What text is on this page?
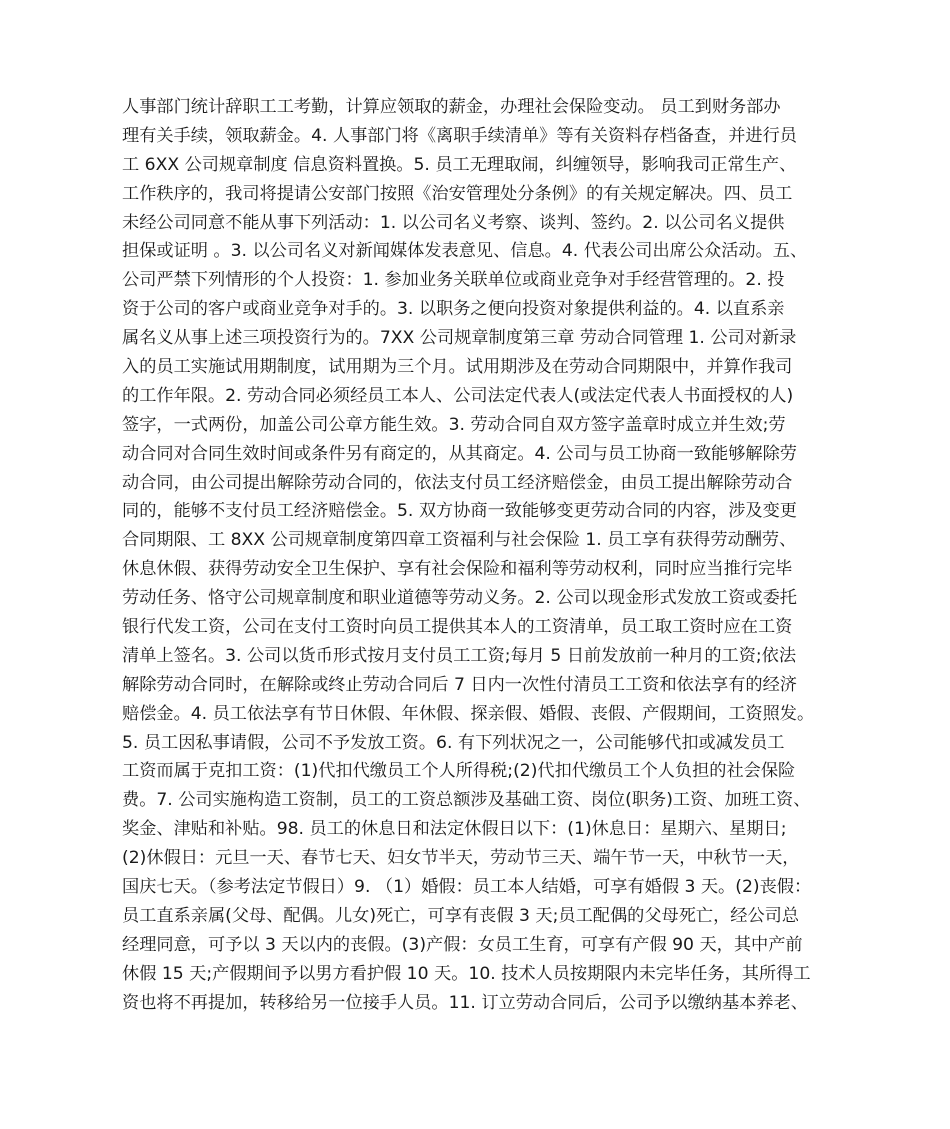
人事部门统计辞职工工考勤，计算应领取的薪金，办理社会保险变动。 员工到财务部办
理有关手续，领取薪金。4. 人事部门将《离职手续清单》等有关资料存档备查，并进行员
工 6XX 公司规章制度 信息资料置换。5. 员工无理取闹，纠缠领导，影响我司正常生产、
工作秩序的，我司将提请公安部门按照《治安管理处分条例》的有关规定解决。四、员工
未经公司同意不能从事下列活动：1. 以公司名义考察、谈判、签约。2. 以公司名义提供
担保或证明 。3. 以公司名义对新闻媒体发表意见、信息。4. 代表公司出席公众活动。五、
公司严禁下列情形的个人投资：1. 参加业务关联单位或商业竞争对手经营管理的。2. 投
资于公司的客户或商业竞争对手的。3. 以职务之便向投资对象提供利益的。4. 以直系亲
属名义从事上述三项投资行为的。7XX 公司规章制度第三章 劳动合同管理 1. 公司对新录
入的员工实施试用期制度，试用期为三个月。试用期涉及在劳动合同期限中，并算作我司
的工作年限。2. 劳动合同必须经员工本人、公司法定代表人(或法定代表人书面授权的人)
签字，一式两份，加盖公司公章方能生效。3. 劳动合同自双方签字盖章时成立并生效;劳
动合同对合同生效时间或条件另有商定的，从其商定。4. 公司与员工协商一致能够解除劳
动合同，由公司提出解除劳动合同的，依法支付员工经济赔偿金，由员工提出解除劳动合
同的，能够不支付员工经济赔偿金。5. 双方协商一致能够变更劳动合同的内容，涉及变更
合同期限、工 8XX 公司规章制度第四章工资福利与社会保险 1. 员工享有获得劳动酬劳、
休息休假、获得劳动安全卫生保护、享有社会保险和福利等劳动权利，同时应当推行完毕
劳动任务、恪守公司规章制度和职业道德等劳动义务。2. 公司以现金形式发放工资或委托
银行代发工资，公司在支付工资时向员工提供其本人的工资清单，员工取工资时应在工资
清单上签名。3. 公司以货币形式按月支付员工工资;每月 5 日前发放前一种月的工资;依法
解除劳动合同时，在解除或终止劳动合同后 7 日内一次性付清员工工资和依法享有的经济
赔偿金。4. 员工依法享有节日休假、年休假、探亲假、婚假、丧假、产假期间，工资照发。
5. 员工因私事请假，公司不予发放工资。6. 有下列状况之一，公司能够代扣或减发员工
工资而属于克扣工资：(1)代扣代缴员工个人所得税;(2)代扣代缴员工个人负担的社会保险
费。7. 公司实施构造工资制，员工的工资总额涉及基础工资、岗位(职务)工资、加班工资、
奖金、津贴和补贴。98. 员工的休息日和法定休假日以下：(1)休息日：星期六、星期日;
(2)休假日：元旦一天、春节七天、妇女节半天，劳动节三天、端午节一天，中秋节一天，
国庆七天。（参考法定节假日）9. （1）婚假：员工本人结婚，可享有婚假 3 天。(2)丧假：
员工直系亲属(父母、配偶。儿女)死亡，可享有丧假 3 天;员工配偶的父母死亡，经公司总
经理同意，可予以 3 天以内的丧假。(3)产假：女员工生育，可享有产假 90 天，其中产前
休假 15 天;产假期间予以男方看护假 10 天。10. 技术人员按期限内未完毕任务，其所得工
资也将不再提加，转移给另一位接手人员。11. 订立劳动合同后，公司予以缴纳基本养老、
